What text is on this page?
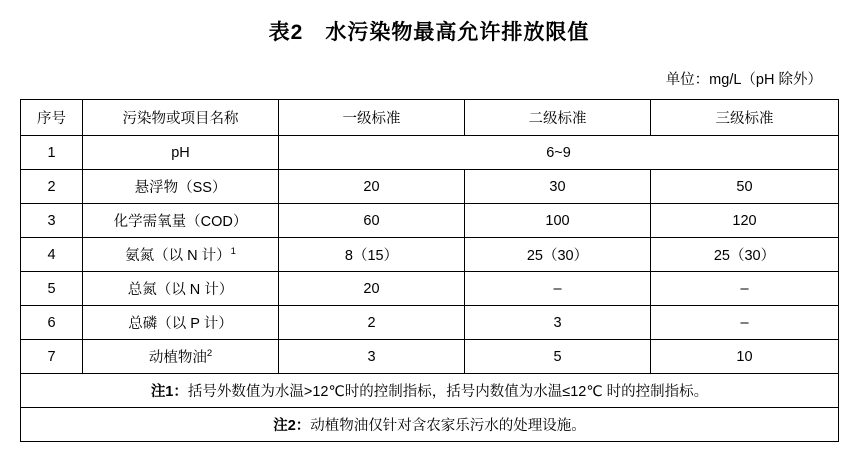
表2　水污染物最高允许排放限值
单位：mg/L（pH 除外）
序号	污染物或项目名称	一级标准	二级标准	三级标准
1	pH	6~9		
2	悬浮物（SS）	20	30	50
3	化学需氧量（COD）	60	100	120
4	氨氮（以 N 计）$^1$	8（15）	25（30）	25（30）
5	总氮（以 N 计）	20	–	–
6	总磷（以 P 计）	2	3	–
7	动植物油$^2$	3	5	10
注1：括号外数值为水温>12℃时的控制指标，括号内数值为水温≤12℃ 时的控制指标。				
注2：动植物油仅针对含农家乐污水的处理设施。				
